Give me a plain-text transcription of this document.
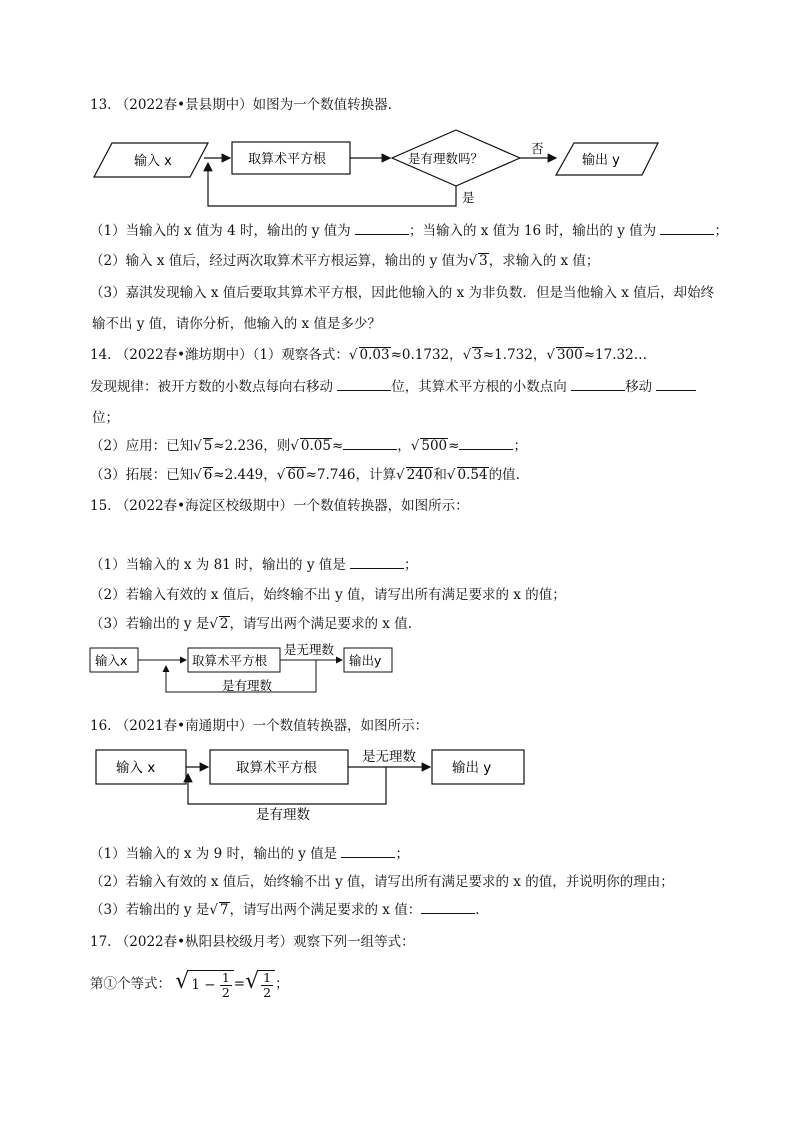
13. （2022春•景县期中）如图为一个数值转换器.
输入 x	取算术平方根	是有理数吗？
否
输出 y
是
（1）当输入的 x 值为 4 时，输出的 y 值为	；当输入的 x 值为 16 时，输出的 y 值为	；
（2）输入 x 值后，经过两次取算术平方根运算，输出的 y 值为√ 3，求输入的 x 值；
（3）嘉淇发现输入 x 值后要取其算术平方根，因此他输入的 x 为非负数．但是当他输入 x 值后，却始终
输不出 y 值，请你分析，他输入的 x 值是多少？
14. （2022春•潍坊期中）（1）观察各式：√ 0.03≈0.1732，√ 3≈1.732，√ 300≈17.32…
发现规律：被开方数的小数点每向右移动	位，其算术平方根的小数点向	移动
位；
（2）应用：已知√ 5≈2.236，则√ 0.05≈	，√ 500≈	；
（3）拓展：已知√ 6≈2.449，√ 60≈7.746，计算√ 240和√ 0.54的值.
15. （2022春•海淀区校级期中）一个数值转换器，如图所示：
（1）当输入的 x 为 81 时，输出的 y 值是	；
（2）若输入有效的 x 值后，始终输不出 y 值，请写出所有满足要求的 x 的值；
（3）若输出的 y 是√ 2，请写出两个满足要求的 x 值.
输入x	取算术平方根
是无理数
输出y
是有理数
16. （2021春•南通期中）一个数值转换器，如图所示：
输入 x	取算术平方根
是无理数
输出 y
是有理数
（1）当输入的 x 为 9 时，输出的 y 值是	；
（2）若输入有效的 x 值后，始终输不出 y 值，请写出所有满足要求的 x 的值，并说明你的理由；
（3）若输出的 y 是√ 7，请写出两个满足要求的 x 值：	.
17. （2022春•枞阳县校级月考）观察下列一组等式：
第①个等式： √ $1 - \frac{1}{2}$ =√ $\frac{1}{2}$ ；
